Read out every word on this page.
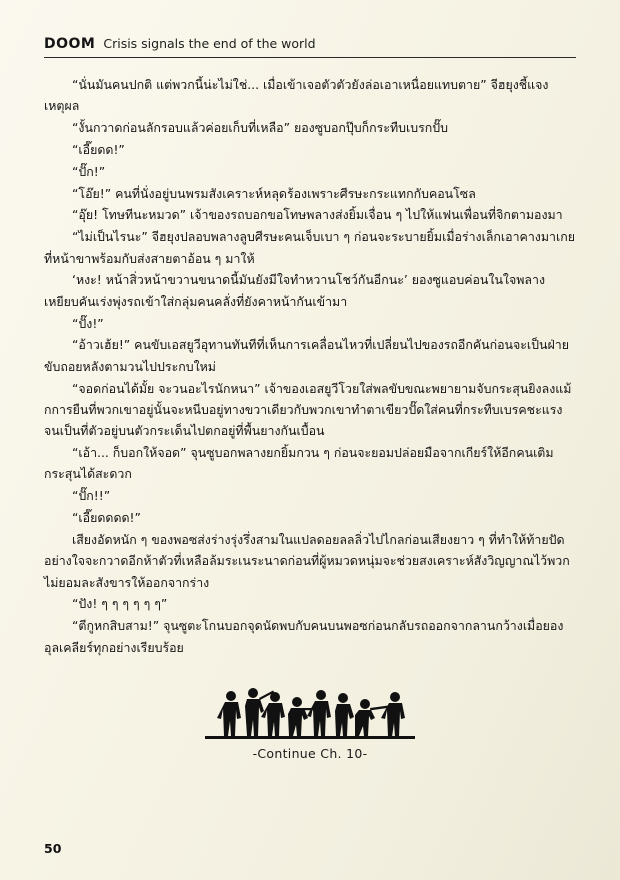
DOOM Crisis signals the end of the world

“นั่นมันคนปกติ แต่พวกนี้น่ะไม่ใช่... เมื่อเข้าเจอตัวตัวยังล่อเอาเหนื่อยแทบตาย” จีฮยุงชี้แจงเหตุผล

“งั้นกวาดก่อนลักรอบแล้วค่อยเก็บที่เหลือ” ยองซูบอกปุ๊บก็กระทืบเบรกปั๊บ

“เอี๊ยดด!”

“ปั๊ก!”

“โอ๊ย!” คนที่นั่งอยู่บนพรมสังเคราะห์หลุดร้องเพราะศีรษะกระแทกกับคอนโซล

“อุ๊ย! โทษทีนะหมวด” เจ้าของรถบอกขอโทษพลางส่งยิ้มเจื่อน ๆ ไปให้แฟนเพื่อนที่จิกตามองมา

“ไม่เป็นไรนะ” จีฮยุงปลอบพลางลูบศีรษะคนเจ็บเบา ๆ ก่อนจะระบายยิ้มเมื่อร่างเล็กเอาคางมาเกยที่หน้าขาพร้อมกับส่งสายตาอ้อน ๆ มาให้

‘หงะ! หน้าสิ่วหน้าขวานขนาดนี้มันยังมีใจทำหวานโชว์กันอีกนะ’ ยองซูแอบค่อนในใจพลางเหยียบคันเร่งพุ่งรถเข้าใส่กลุ่มคนคลั่งที่ยังคาหน้ากันเข้ามา

“ปั๊ง!”

“อ้าวเฮ้ย!” คนขับเอสยูวีอุทานทันทีที่เห็นการเคลื่อนไหวที่เปลี่ยนไปของรถอีกคันก่อนจะเป็นฝ่ายขับถอยหลังตามวนไปประกบใหม่

“จอดก่อนได้มั้ย จะวนอะไรนักหนา” เจ้าของเอสยูวีโวยใส่พลขับขณะพยายามจับกระสุนยิงลงแม้กการยืนที่พวกเขาอยู่นั้นจะหนีบอยู่ทางขวาเดียวกับพวกเขาทำตาเขียวปั๊ดใส่คนที่กระทืบเบรคชะแรงจนเป็นที่ตัวอยู่บนตัวกระเด็นไปตกอยู่ที่พื้นยางกันเบื้อน

“เอ้า... ก็บอกให้จอด” จุนซูบอกพลางยกยิ้มกวน ๆ ก่อนจะยอมปล่อยมือจากเกียร์ให้อีกคนเติมกระสุนได้สะดวก

“ปั๊ก!!”

“เอี๊ยดดดด!”

เสียงอัดหนัก ๆ ของพอซส่งร่างรุ่งรึ่งสามในแปลดอยลลลิ่วไปไกลก่อนเสียงยาว ๆ ที่ทำให้ท้ายปัดอย่างใจจะกวาดอีกห้าตัวที่เหลือล้มระเนระนาดก่อนที่ผู้หมวดหนุ่มจะช่วยสงเคราะห์สังวิญญาณไว้พวกไม่ยอมละสังขารให้ออกจากร่าง

“ปัง! ๆ ๆ ๆ ๆ ๆ ๆ”

“ตีกูหกสิบสาม!” จุนซูตะโกนบอกจุดนัดพบกับคนบนพอซก่อนกลับรถออกจากลานกว้างเมื่อยองอุลเคลียร์ทุกอย่างเรียบร้อย

-Continue Ch. 10-
50
